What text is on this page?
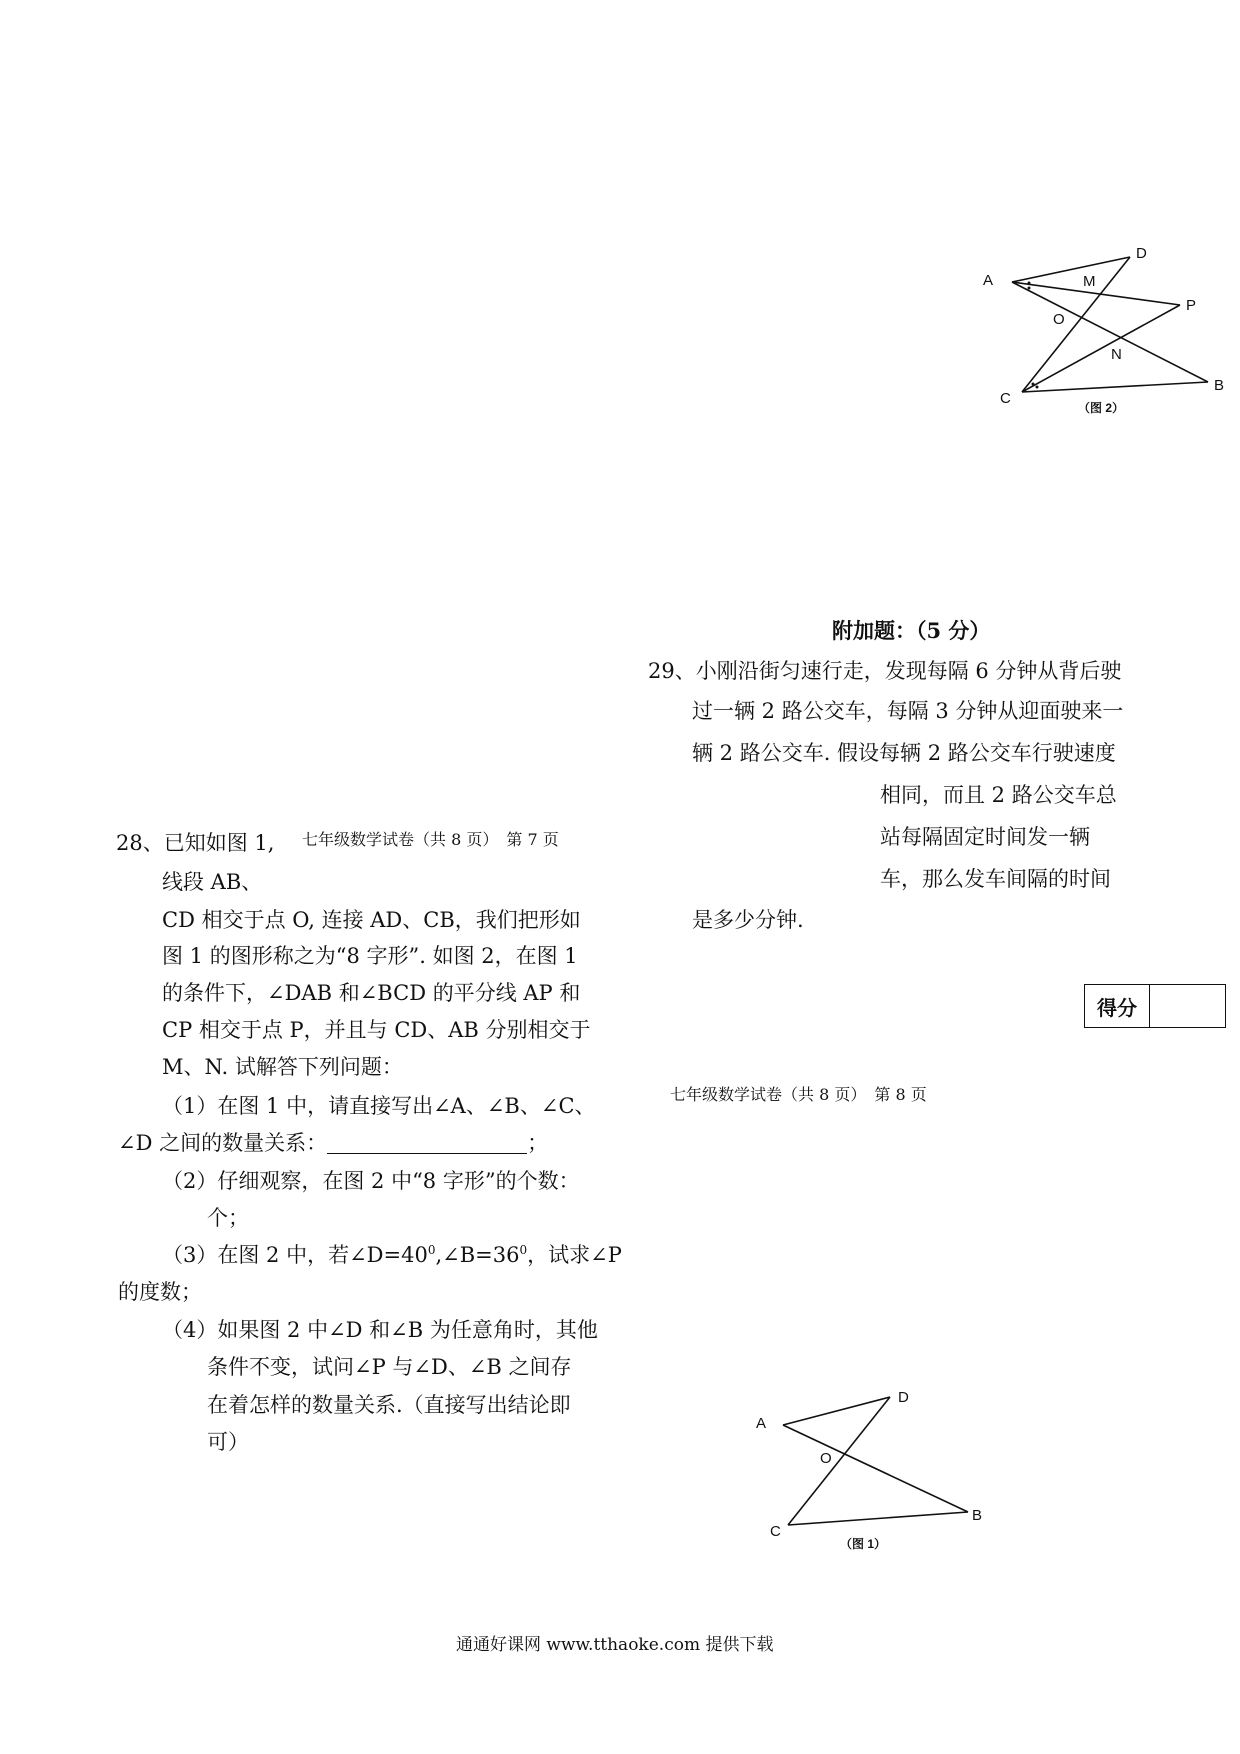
A
D
M
P
O
N
C
B
（图 2）
附加题：（5 分）
29、小刚沿街匀速行走，发现每隔 6 分钟从背后驶
过一辆 2 路公交车，每隔 3 分钟从迎面驶来一
辆 2 路公交车. 假设每辆 2 路公交车行驶速度
相同，而且 2 路公交车总
站每隔固定时间发一辆
车，那么发车间隔的时间
是多少分钟.
得分
七年级数学试卷（共 8 页）　第 7 页
七年级数学试卷（共 8 页）　第 8 页
28、已知如图 1,
线段 AB、
CD 相交于点 O, 连接 AD、CB，我们把形如
图 1 的图形称之为“8 字形”. 如图 2，在图 1
的条件下，∠DAB 和∠BCD 的平分线 AP 和
CP 相交于点 P，并且与 CD、AB 分别相交于
M、N. 试解答下列问题：
（1）在图 1 中，请直接写出∠A、∠B、∠C、
∠D 之间的数量关系：	；
（2）仔细观察，在图 2 中“8 字形”的个数：
个；
（3）在图 2 中，若$\angle D=40^0,\angle B=36^0$，试求∠P
的度数；
（4）如果图 2 中∠D 和∠B 为任意角时，其他
条件不变，试问∠P 与∠D、∠B 之间存
在着怎样的数量关系.（直接写出结论即
可）
A
D
O
C
B
（图 1）
通通好课网 www.tthaoke.com 提供下载
